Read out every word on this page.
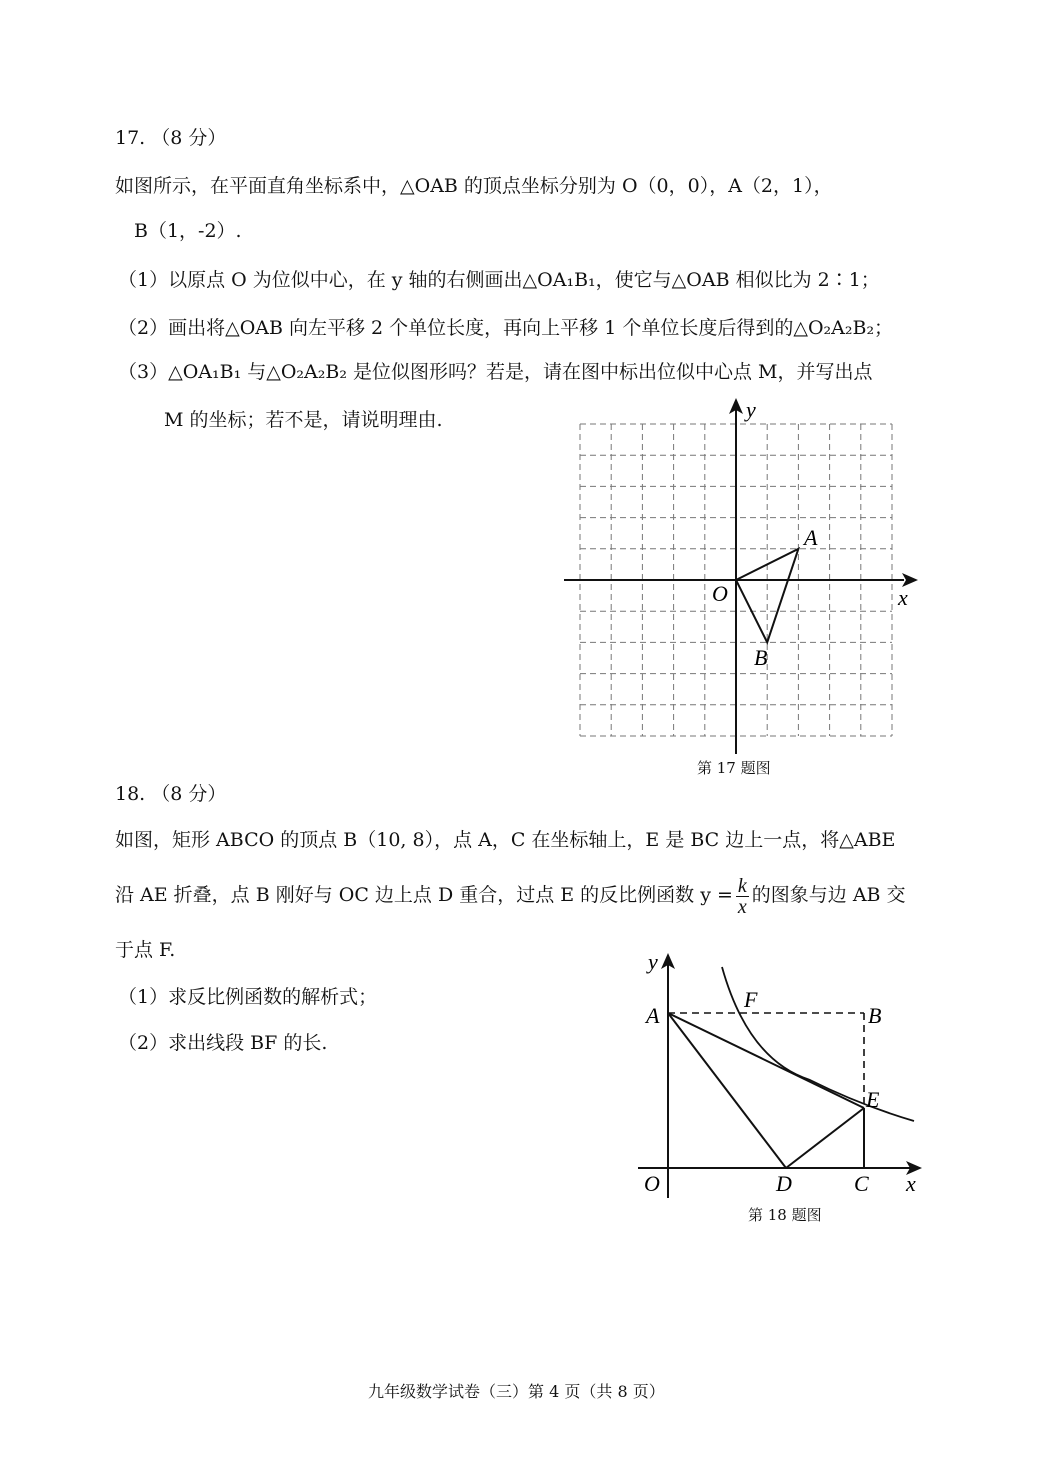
17. （8 分）
如图所示，在平面直角坐标系中，△OAB 的顶点坐标分别为 O（0，0），A（2，1），
B（1，-2）.
（1）以原点 O 为位似中心，在 y 轴的右侧画出△OA₁B₁，使它与△OAB 相似比为 2∶1；
（2）画出将△OAB 向左平移 2 个单位长度，再向上平移 1 个单位长度后得到的△O₂A₂B₂；
（3）△OA₁B₁ 与△O₂A₂B₂ 是位似图形吗？若是，请在图中标出位似中心点 M，并写出点
M 的坐标；若不是，请说明理由.	y
x
O
A
B
第 17 题图
18. （8 分）
如图，矩形 ABCO 的顶点 B（10, 8），点 A，C 在坐标轴上，E 是 BC 边上一点，将△ABE
沿 AE 折叠，点 B 刚好与 OC 边上点 D 重合，过点 E 的反比例函数 $y = \frac{k}{x}$ 的图象与边 AB 交
于点 F.
（1）求反比例函数的解析式；
（2）求出线段 BF 的长.
y
x
O
A	B
C
D
E
F
第 18 题图
九年级数学试卷（三）第 4 页（共 8 页）
